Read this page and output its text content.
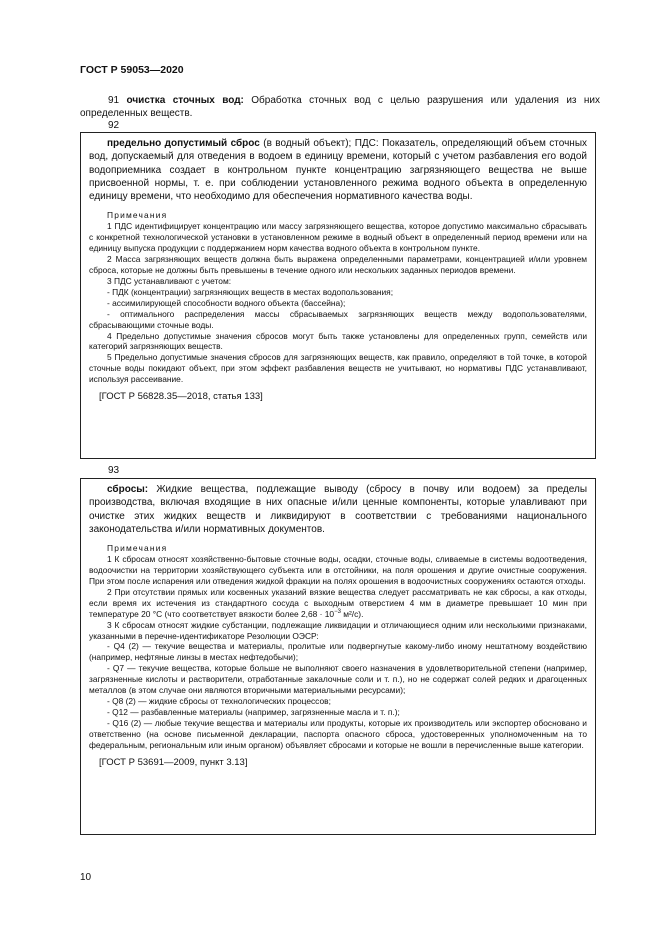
ГОСТ Р 59053—2020
91 очистка сточных вод: Обработка сточных вод с целью разрушения или удаления из них определенных веществ.
92

предельно допустимый сброс (в водный объект); ПДС: Показатель, определяющий объем сточных вод, допускаемый для отведения в водоем в единицу времени, который с учетом разбавления его водой водоприемника создает в контрольном пункте концентрацию загрязняющего вещества не выше присвоенной нормы, т. е. при соблюдении установленного режима водного объекта в определенную единицу времени, что необходимо для обеспечения нормативного качества воды.

Примечания

1 ПДС идентифицирует концентрацию или массу загрязняющего вещества, которое допустимо максимально сбрасывать с конкретной технологической установки в установленном режиме в водный объект в определенный период времени или на единицу выпуска продукции с поддержанием норм качества водного объекта в контрольном пункте.

2 Масса загрязняющих веществ должна быть выражена определенными параметрами, концентрацией и/или уровнем сброса, которые не должны быть превышены в течение одного или нескольких заданных периодов времени.

3 ПДС устанавливают с учетом:

- ПДК (концентрации) загрязняющих веществ в местах водопользования;

- ассимилирующей способности водного объекта (бассейна);

- оптимального распределения массы сбрасываемых загрязняющих веществ между водопользователями, сбрасывающими сточные воды.

4 Предельно допустимые значения сбросов могут быть также установлены для определенных групп, семейств или категорий загрязняющих веществ.

5 Предельно допустимые значения сбросов для загрязняющих веществ, как правило, определяют в той точке, в которой сточные воды покидают объект, при этом эффект разбавления веществ не учитывают, но нормативы ПДС устанавливают, используя рассеивание.

[ГОСТ Р 56828.35—2018, статья 133]
93

сбросы: Жидкие вещества, подлежащие выводу (сбросу в почву или водоем) за пределы производства, включая входящие в них опасные и/или ценные компоненты, которые улавливают при очистке этих жидких веществ и ликвидируют в соответствии с требованиями национального законодательства и/или нормативных документов.

Примечания

1 К сбросам относят хозяйственно-бытовые сточные воды, осадки, сточные воды, сливаемые в системы водоотведения, водоочистки на территории хозяйствующего субъекта или в отстойники, на поля орошения и другие очистные сооружения. При этом после испарения или отведения жидкой фракции на полях орошения в водоочистных сооружениях остаются отходы.

2 При отсутствии прямых или косвенных указаний вязкие вещества следует рассматривать не как сбросы, а как отходы, если время их истечения из стандартного сосуда с выходным отверстием 4 мм в диаметре превышает 10 мин при температуре 20 °С (что соответствует вязкости более $2,68 \cdot 10^{-3}$ м²/с).

3 К сбросам относят жидкие субстанции, подлежащие ликвидации и отличающиеся одним или несколькими признаками, указанными в перечне-идентификаторе Резолюции ОЭСР:

- Q4 (2) — текучие вещества и материалы, пролитые или подвергнутые какому-либо иному нештатному воздействию (например, нефтяные линзы в местах нефтедобычи);

- Q7 — текучие вещества, которые больше не выполняют своего назначения в удовлетворительной степени (например, загрязненные кислоты и растворители, отработанные закалочные соли и т. п.), но не содержат солей редких и драгоценных металлов (в этом случае они являются вторичными материальными ресурсами);

- Q8 (2) — жидкие сбросы от технологических процессов;

- Q12 — разбавленные материалы (например, загрязненные масла и т. п.);

- Q16 (2) — любые текучие вещества и материалы или продукты, которые их производитель или экспортер обосновано и ответственно (на основе письменной декларации, паспорта опасного сброса, удостоверенных уполномоченным на то федеральным, региональным или иным органом) объявляет сбросами и которые не вошли в перечисленные выше категории.

[ГОСТ Р 53691—2009, пункт 3.13]
10
